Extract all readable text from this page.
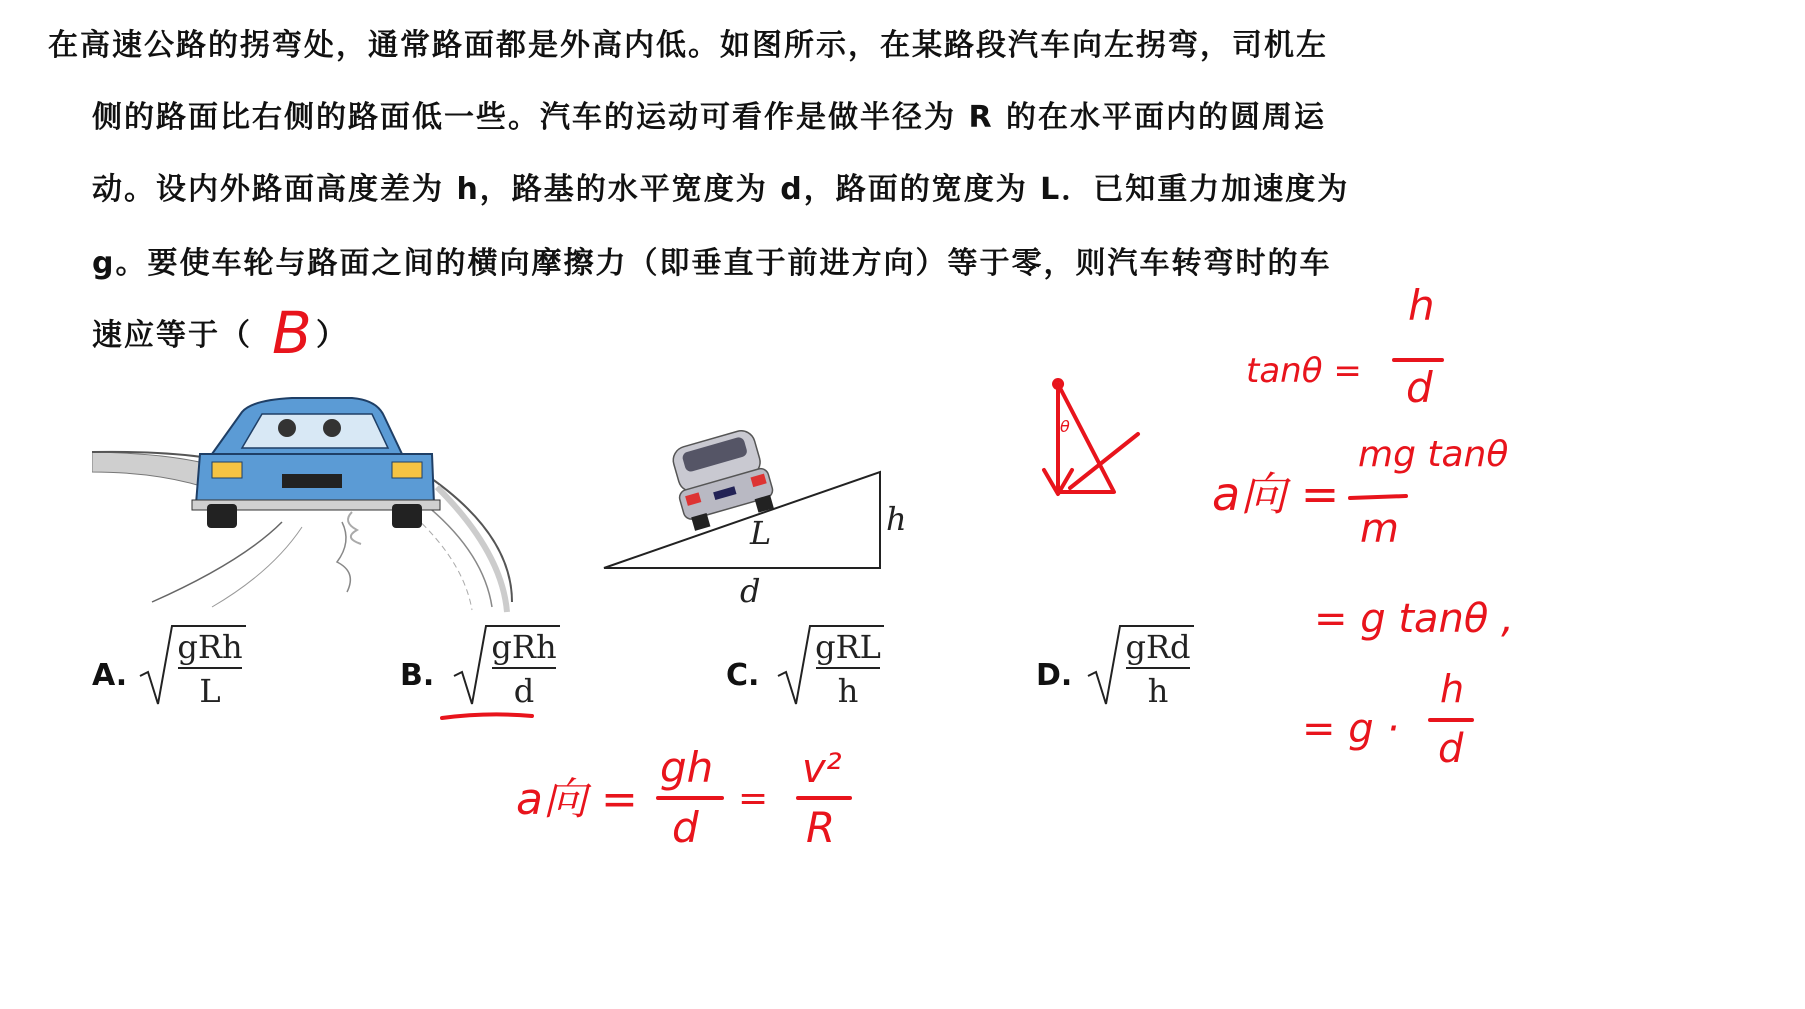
在高速公路的拐弯处，通常路面都是外高内低。如图所示，在某路段汽车向左拐弯，司机左
侧的路面比右侧的路面低一些。汽车的运动可看作是做半径为 R 的在水平面内的圆周运
动。设内外路面高度差为 h，路基的水平宽度为 d，路面的宽度为 L．已知重力加速度为
g。要使车轮与路面之间的横向摩擦力（即垂直于前进方向）等于零，则汽车转弯时的车
速应等于（ B ）
L	h
d
A.
gRh
L	B.
gRh
d	C.
gRL
h	D.
gRd
h
a向 =
gh
d
=
v²
R
θ
tanθ =
h
d
a向 =
mg tanθ
m
= g tanθ ,
= g ·
h
d
